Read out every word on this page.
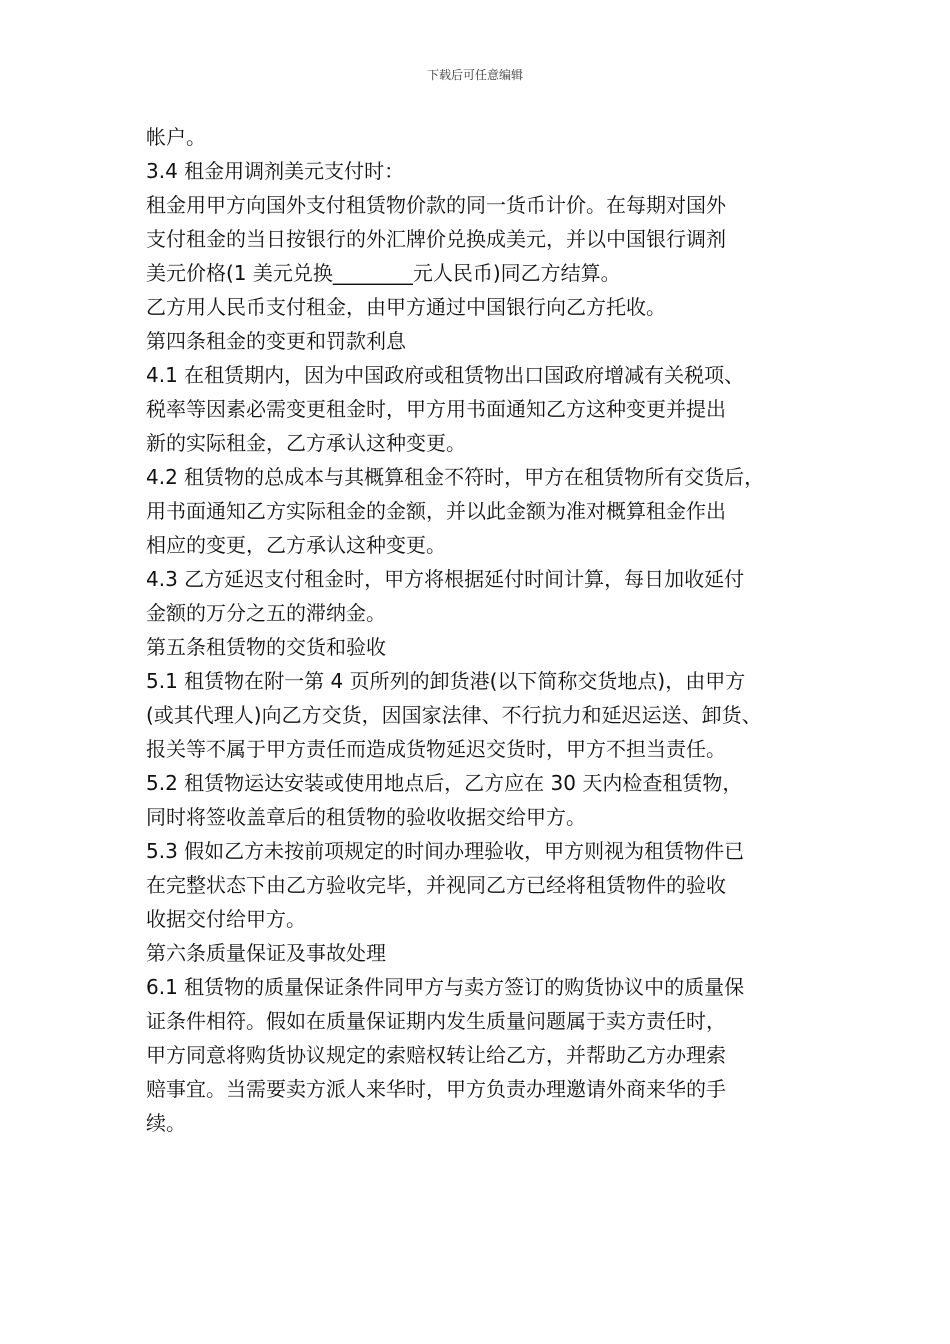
下载后可任意编辑

帐户。

3.4 租金用调剂美元支付时：

租金用甲方向国外支付租赁物价款的同一货币计价。在每期对国外

支付租金的当日按银行的外汇牌价兑换成美元，并以中国银行调剂

美元价格(1 美元兑换________元人民币)同乙方结算。

乙方用人民币支付租金，由甲方通过中国银行向乙方托收。

第四条租金的变更和罚款利息

4.1 在租赁期内，因为中国政府或租赁物出口国政府增减有关税项、

税率等因素必需变更租金时，甲方用书面通知乙方这种变更并提出

新的实际租金，乙方承认这种变更。

4.2 租赁物的总成本与其概算租金不符时，甲方在租赁物所有交货后，

用书面通知乙方实际租金的金额，并以此金额为准对概算租金作出

相应的变更，乙方承认这种变更。

4.3 乙方延迟支付租金时，甲方将根据延付时间计算，每日加收延付

金额的万分之五的滞纳金。

第五条租赁物的交货和验收

5.1 租赁物在附一第 4 页所列的卸货港(以下简称交货地点)，由甲方

(或其代理人)向乙方交货，因国家法律、不行抗力和延迟运送、卸货、

报关等不属于甲方责任而造成货物延迟交货时，甲方不担当责任。

5.2 租赁物运达安装或使用地点后，乙方应在 30 天内检查租赁物，

同时将签收盖章后的租赁物的验收收据交给甲方。

5.3 假如乙方未按前项规定的时间办理验收，甲方则视为租赁物件已

在完整状态下由乙方验收完毕，并视同乙方已经将租赁物件的验收

收据交付给甲方。

第六条质量保证及事故处理

6.1 租赁物的质量保证条件同甲方与卖方签订的购货协议中的质量保

证条件相符。假如在质量保证期内发生质量问题属于卖方责任时，

甲方同意将购货协议规定的索赔权转让给乙方，并帮助乙方办理索

赔事宜。当需要卖方派人来华时，甲方负责办理邀请外商来华的手

续。
